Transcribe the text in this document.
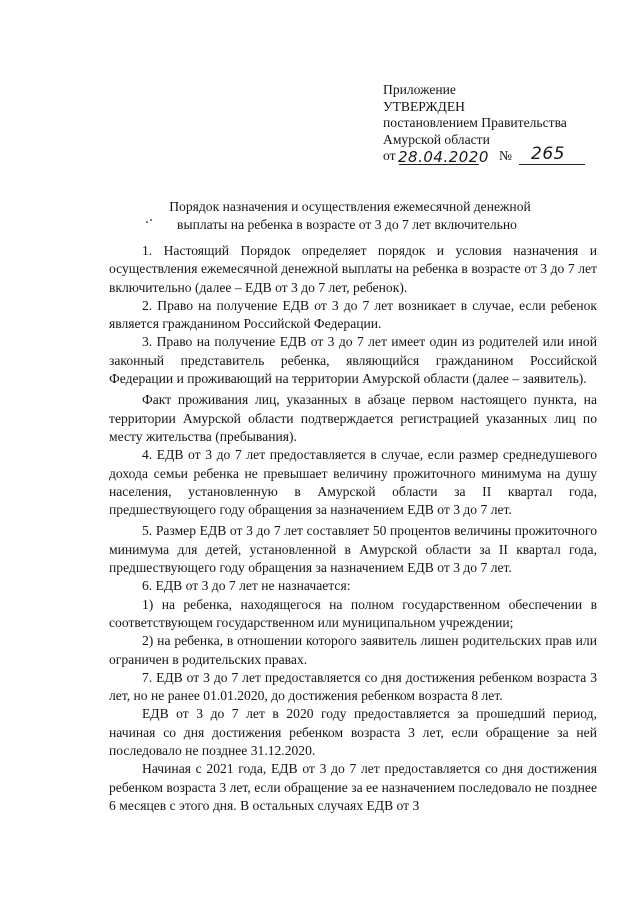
Приложение
УТВЕРЖДЕН
постановлением Правительства
Амурской области
от 28.04.2020 № 265
Порядок назначения и осуществления ежемесячной денежной
выплаты на ребенка в возрасте от 3 до 7 лет включительно

1. Настоящий Порядок определяет порядок и условия назначения и осуществления ежемесячной денежной выплаты на ребенка в возрасте от 3 до 7 лет включительно (далее – ЕДВ от 3 до 7 лет, ребенок).

2. Право на получение ЕДВ от 3 до 7 лет возникает в случае, если ребенок является гражданином Российской Федерации.

3. Право на получение ЕДВ от 3 до 7 лет имеет один из родителей или иной законный представитель ребенка, являющийся гражданином Российской Федерации и проживающий на территории Амурской области (далее – заявитель).

Факт проживания лиц, указанных в абзаце первом настоящего пункта, на территории Амурской области подтверждается регистрацией указанных лиц по месту жительства (пребывания).

4. ЕДВ от 3 до 7 лет предоставляется в случае, если размер среднедушевого дохода семьи ребенка не превышает величину прожиточного минимума на душу населения, установленную в Амурской области за II квартал года, предшествующего году обращения за назначением ЕДВ от 3 до 7 лет.

5. Размер ЕДВ от 3 до 7 лет составляет 50 процентов величины прожиточного минимума для детей, установленной в Амурской области за II квартал года, предшествующего году обращения за назначением ЕДВ от 3 до 7 лет.

6. ЕДВ от 3 до 7 лет не назначается:

1) на ребенка, находящегося на полном государственном обеспечении в соответствующем государственном или муниципальном учреждении;

2) на ребенка, в отношении которого заявитель лишен родительских прав или ограничен в родительских правах.

7. ЕДВ от 3 до 7 лет предоставляется со дня достижения ребенком возраста 3 лет, но не ранее 01.01.2020, до достижения ребенком возраста 8 лет.

ЕДВ от 3 до 7 лет в 2020 году предоставляется за прошедший период, начиная со дня достижения ребенком возраста 3 лет, если обращение за ней последовало не позднее 31.12.2020.

Начиная с 2021 года, ЕДВ от 3 до 7 лет предоставляется со дня достижения ребенком возраста 3 лет, если обращение за ее назначением последовало не позднее 6 месяцев с этого дня. В остальных случаях ЕДВ от 3
